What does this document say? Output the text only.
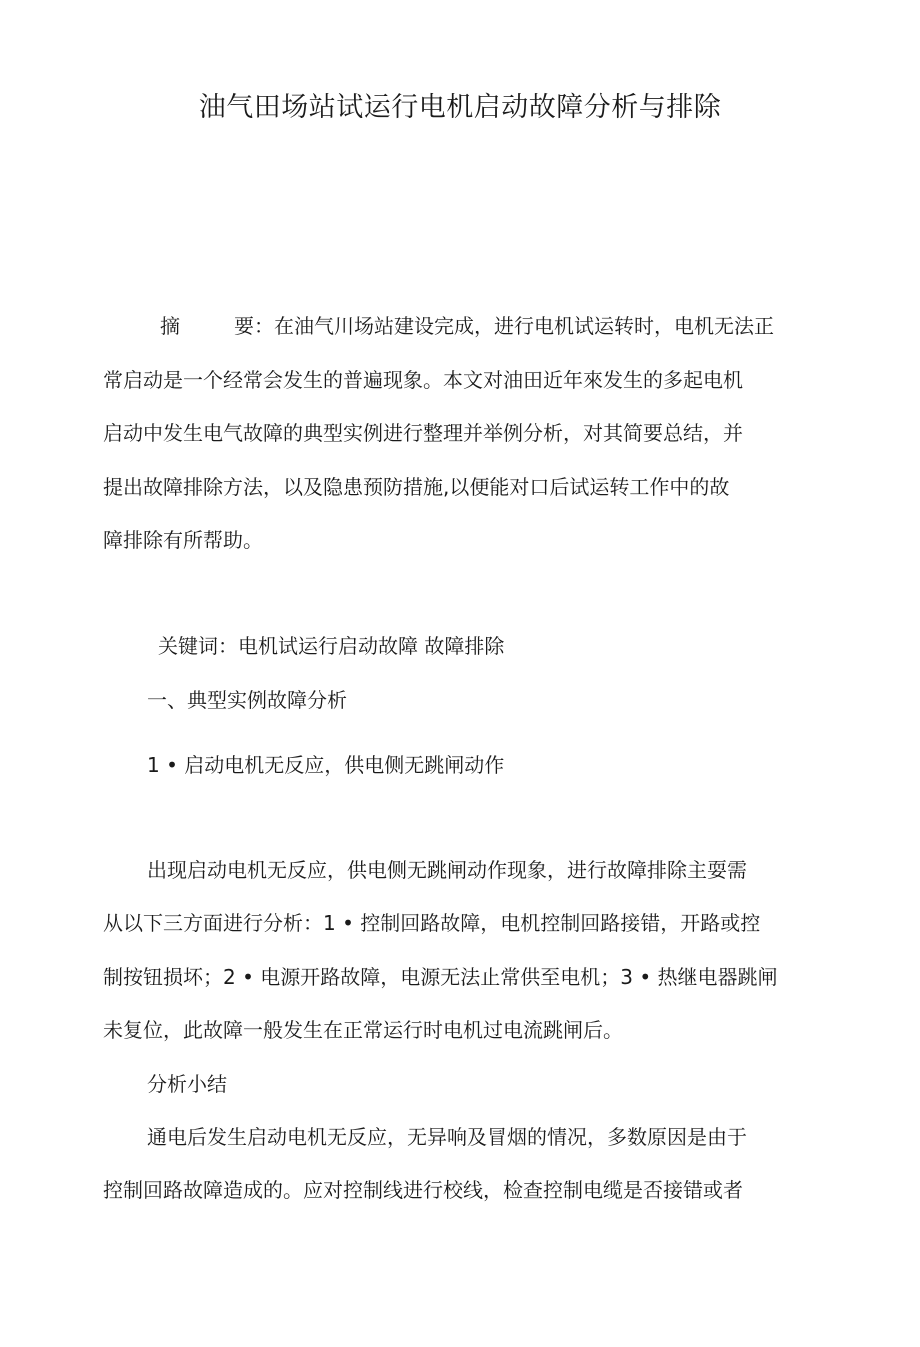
油气田场站试运行电机启动故障分析与排除
摘	要：在油气川场站建设完成，进行电机试运转时，电机无法正
常启动是一个经常会发生的普遍现象。本文对油田近年來发生的多起电机
启动中发生电气故障的典型实例进行整理并举例分析，对其简要总结，并
提出故障排除方法，以及隐患预防措施,以便能对口后试运转工作中的故
障排除有所帮助。
关键词：电机试运行启动故障 故障排除
一、典型实例故障分析
1 • 启动电机无反应，供电侧无跳闸动作
出现启动电机无反应，供电侧无跳闸动作现象，进行故障排除主耍需
从以下三方面进行分析：1 • 控制回路故障，电机控制回路接错，开路或控
制按钮损坏；2 • 电源开路故障，电源无法止常供至电机；3 • 热继电器跳闸
未复位，此故障一般发生在正常运行时电机过电流跳闸后。
分析小结
通电后发生启动电机无反应，无异响及冒烟的情况，多数原因是由于
控制回路故障造成的。应对控制线进行校线，检查控制电缆是否接错或者
